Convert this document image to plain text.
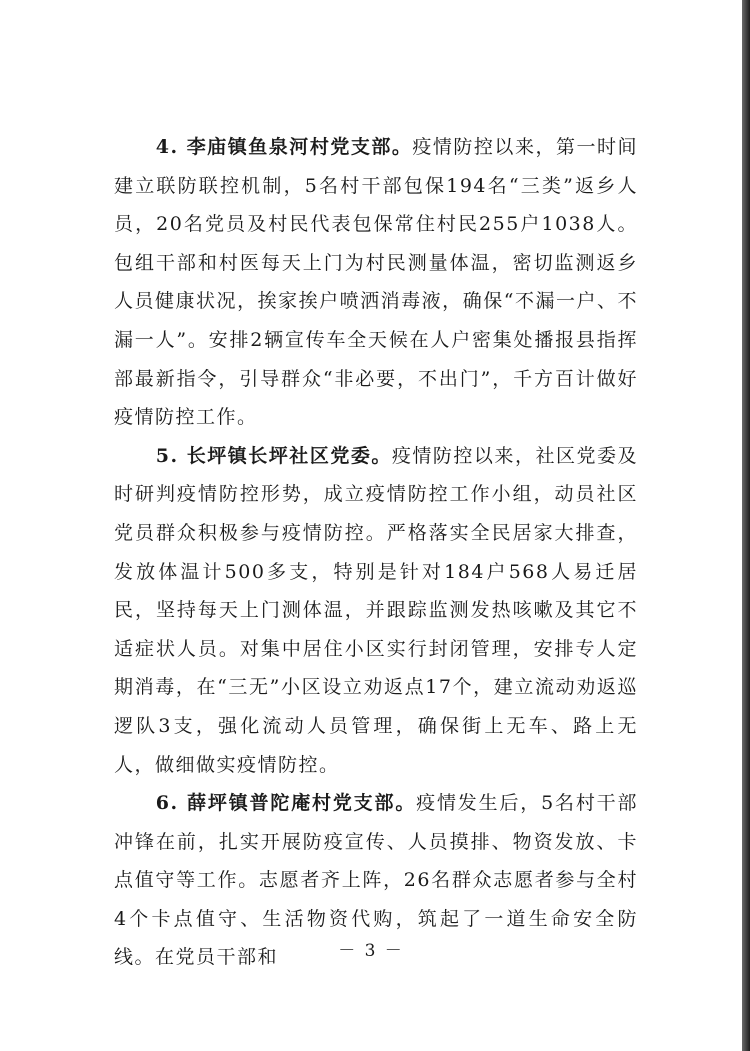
4. 李庙镇鱼泉河村党支部。疫情防控以来，第一时间建立联防联控机制，5名村干部包保194名“三类”返乡人员，20名党员及村民代表包保常住村民255户1038人。包组干部和村医每天上门为村民测量体温，密切监测返乡人员健康状况，挨家挨户喷洒消毒液，确保“不漏一户、不漏一人”。安排2辆宣传车全天候在人户密集处播报县指挥部最新指令，引导群众“非必要，不出门”，千方百计做好疫情防控工作。

5. 长坪镇长坪社区党委。疫情防控以来，社区党委及时研判疫情防控形势，成立疫情防控工作小组，动员社区党员群众积极参与疫情防控。严格落实全民居家大排查，发放体温计500多支，特别是针对184户568人易迁居民，坚持每天上门测体温，并跟踪监测发热咳嗽及其它不适症状人员。对集中居住小区实行封闭管理，安排专人定期消毒，在“三无”小区设立劝返点17个，建立流动劝返巡逻队3支，强化流动人员管理，确保街上无车、路上无人，做细做实疫情防控。

6. 薛坪镇普陀庵村党支部。疫情发生后，5名村干部冲锋在前，扎实开展防疫宣传、人员摸排、物资发放、卡点值守等工作。志愿者齐上阵，26名群众志愿者参与全村4个卡点值守、生活物资代购，筑起了一道生命安全防线。在党员干部和	－ 3 －
